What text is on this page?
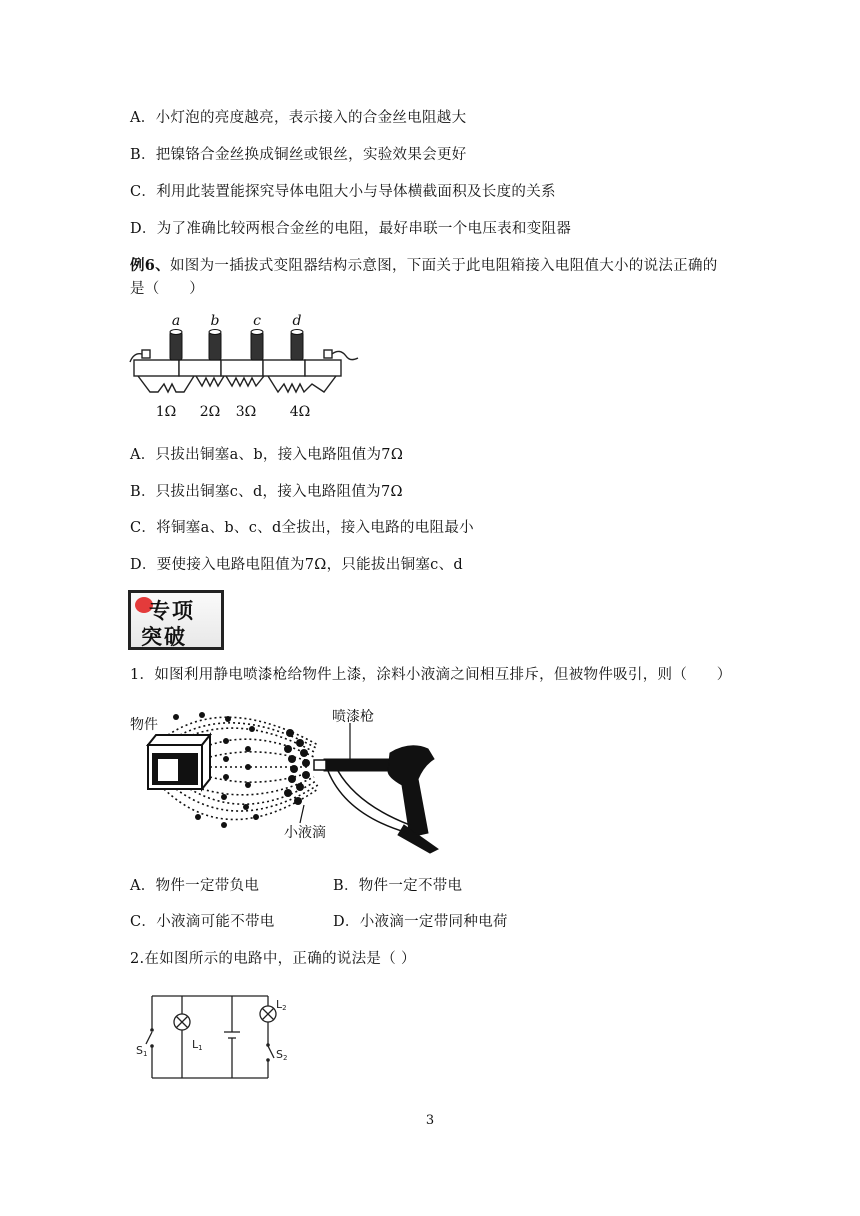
A．小灯泡的亮度越亮，表示接入的合金丝电阻越大
B．把镍铬合金丝换成铜丝或银丝，实验效果会更好
C．利用此装置能探究导体电阻大小与导体横截面积及长度的关系
D．为了准确比较两根合金丝的电阻，最好串联一个电压表和变阻器
例6、如图为一插拔式变阻器结构示意图，下面关于此电阻箱接入电阻值大小的说法正确的
是（　　）
a b c d
1Ω 2Ω 3Ω 4Ω
A．只拔出铜塞a、b，接入电路阻值为7Ω
B．只拔出铜塞c、d，接入电路阻值为7Ω
C．将铜塞a、b、c、d全拔出，接入电路的电阻最小
D．要使接入电路电阻值为7Ω，只能拔出铜塞c、d
专项
突破
1．如图利用静电喷漆枪给物件上漆，涂料小液滴之间相互排斥，但被物件吸引，则（　　）
物件	喷漆枪
小液滴
A．物件一定带负电	B．物件一定不带电
C．小液滴可能不带电	D．小液滴一定带同种电荷
2.在如图所示的电路中，正确的说法是（ ）
S1
L1
L2
S2
3
